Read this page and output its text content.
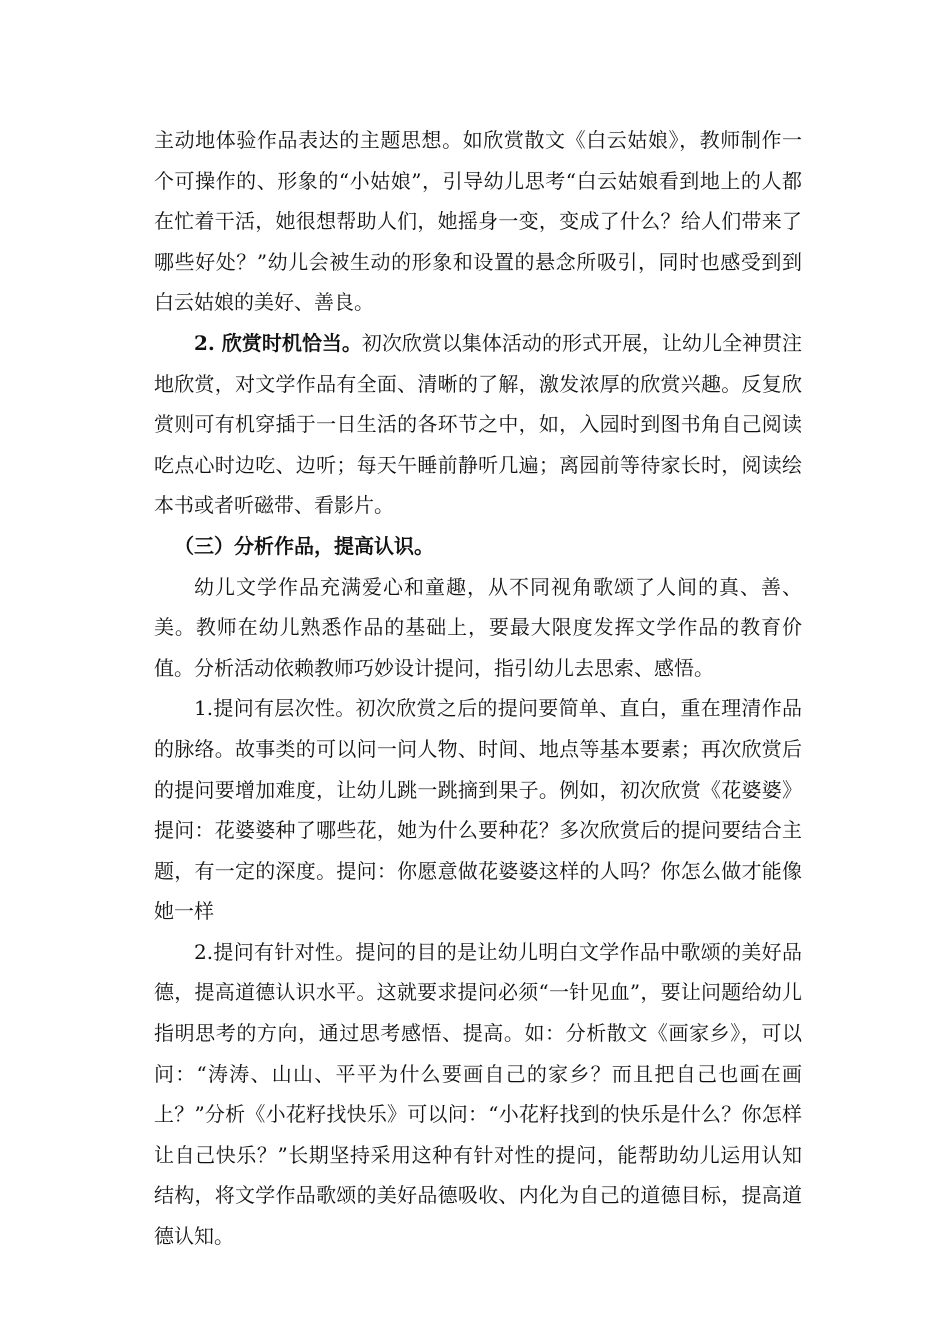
主动地体验作品表达的主题思想。如欣赏散文《白云姑娘》，教师制作一个可操作的、形象的“小姑娘”，引导幼儿思考“白云姑娘看到地上的人都在忙着干活，她很想帮助人们，她摇身一变，变成了什么？给人们带来了哪些好处？”幼儿会被生动的形象和设置的悬念所吸引，同时也感受到到白云姑娘的美好、善良。

2. 欣赏时机恰当。初次欣赏以集体活动的形式开展，让幼儿全神贯注地欣赏，对文学作品有全面、清晰的了解，激发浓厚的欣赏兴趣。反复欣赏则可有机穿插于一日生活的各环节之中，如，入园时到图书角自己阅读吃点心时边吃、边听；每天午睡前静听几遍；离园前等待家长时，阅读绘本书或者听磁带、看影片。

（三）分析作品，提高认识。

幼儿文学作品充满爱心和童趣，从不同视角歌颂了人间的真、善、美。教师在幼儿熟悉作品的基础上，要最大限度发挥文学作品的教育价值。分析活动依赖教师巧妙设计提问，指引幼儿去思索、感悟。

1.提问有层次性。初次欣赏之后的提问要简单、直白，重在理清作品的脉络。故事类的可以问一问人物、时间、地点等基本要素；再次欣赏后的提问要增加难度，让幼儿跳一跳摘到果子。例如，初次欣赏《花婆婆》提问：花婆婆种了哪些花，她为什么要种花？多次欣赏后的提问要结合主题，有一定的深度。提问：你愿意做花婆婆这样的人吗？你怎么做才能像她一样

2.提问有针对性。提问的目的是让幼儿明白文学作品中歌颂的美好品德，提高道德认识水平。这就要求提问必须“一针见血”，要让问题给幼儿指明思考的方向，通过思考感悟、提高。如：分析散文《画家乡》，可以问：“涛涛、山山、平平为什么要画自己的家乡？而且把自己也画在画上？”分析《小花籽找快乐》可以问：“小花籽找到的快乐是什么？你怎样让自己快乐？”长期坚持采用这种有针对性的提问，能帮助幼儿运用认知结构，将文学作品歌颂的美好品德吸收、内化为自己的道德目标，提高道德认知。
